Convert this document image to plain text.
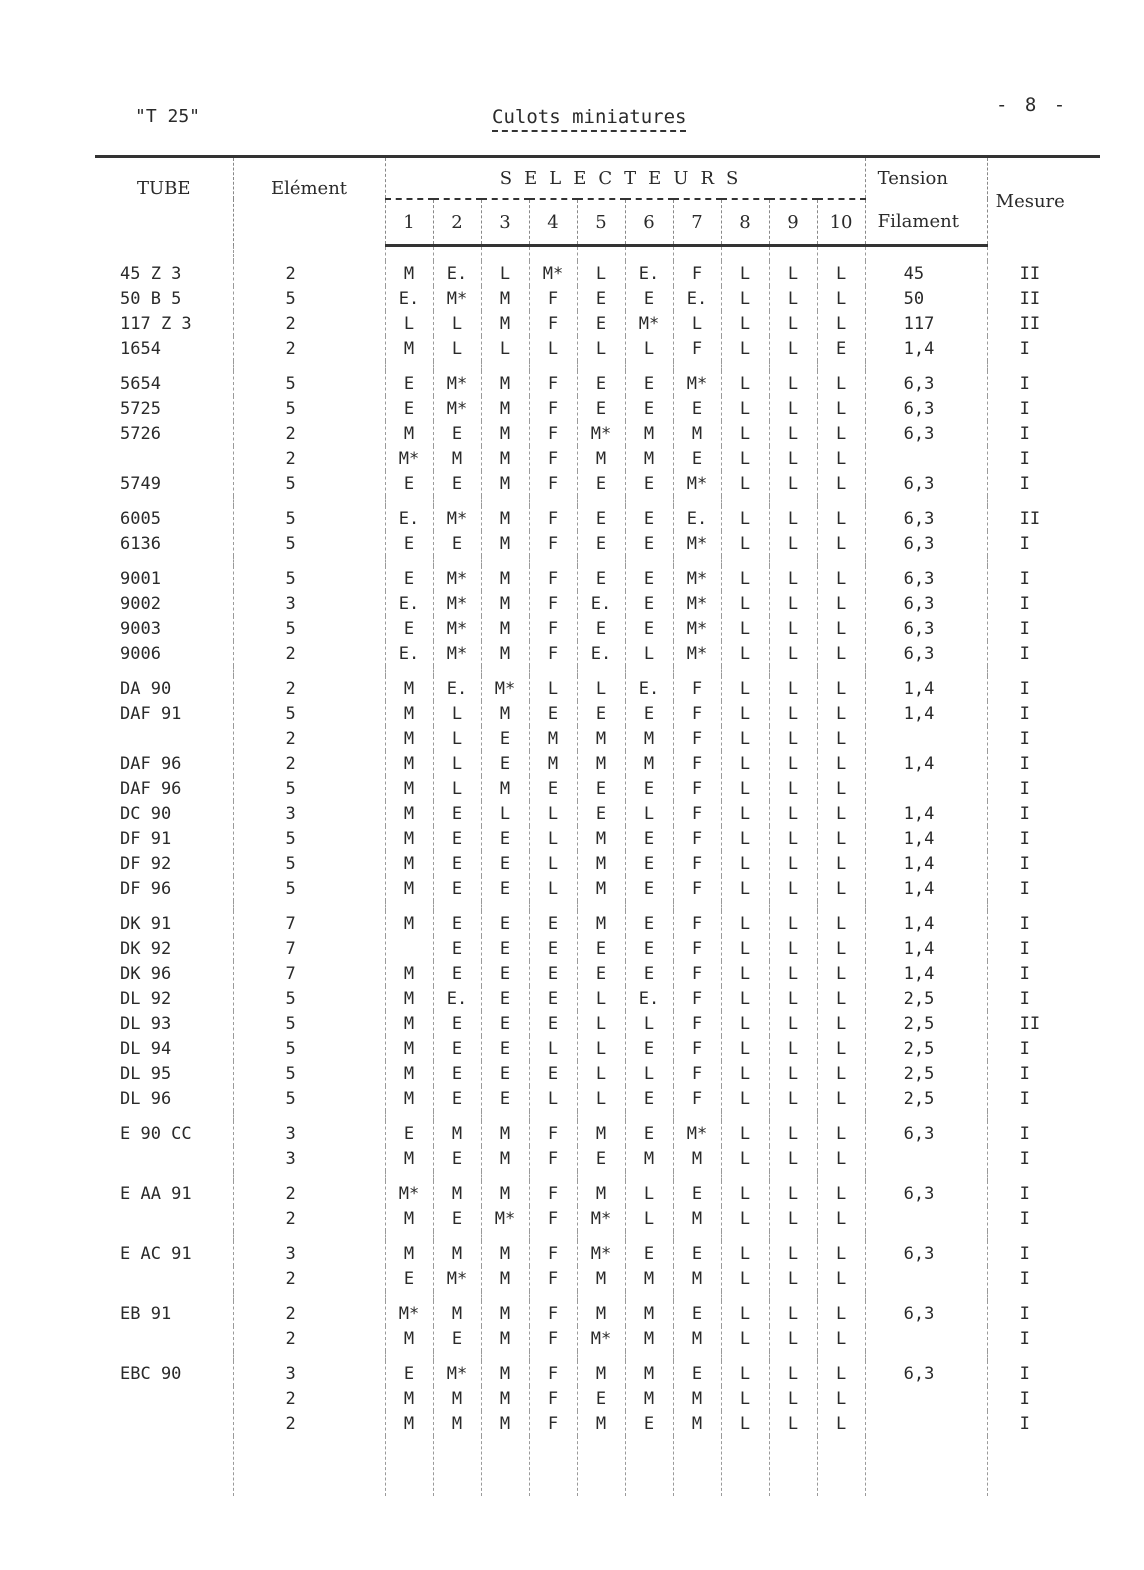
"T 25"	Culots miniatures
- 8 -
TUBE	Elément	SELECTEURS										Tension	Mesure
		1	2	3	4	5	6	7	8	9	10	Filament	

45 Z 3	2	M	E.	L	M*	L	E.	F	L	L	L	45	II
50 B 5	5	E.	M*	M	F	E	E	E.	L	L	L	50	II
117 Z 3	2	L	L	M	F	E	M*	L	L	L	L	117	II
1654	2	M	L	L	L	L	L	F	L	L	E	1,4	I

5654	5	E	M*	M	F	E	E	M*	L	L	L	6,3	I
5725	5	E	M*	M	F	E	E	E	L	L	L	6,3	I
5726	2	M	E	M	F	M*	M	M	L	L	L	6,3	I
	2	M*	M	M	F	M	M	E	L	L	L		I
5749	5	E	E	M	F	E	E	M*	L	L	L	6,3	I

6005	5	E.	M*	M	F	E	E	E.	L	L	L	6,3	II
6136	5	E	E	M	F	E	E	M*	L	L	L	6,3	I

9001	5	E	M*	M	F	E	E	M*	L	L	L	6,3	I
9002	3	E.	M*	M	F	E.	E	M*	L	L	L	6,3	I
9003	5	E	M*	M	F	E	E	M*	L	L	L	6,3	I
9006	2	E.	M*	M	F	E.	L	M*	L	L	L	6,3	I

DA 90	2	M	E.	M*	L	L	E.	F	L	L	L	1,4	I
DAF 91	5	M	L	M	E	E	E	F	L	L	L	1,4	I
	2	M	L	E	M	M	M	F	L	L	L		I
DAF 96	2	M	L	E	M	M	M	F	L	L	L	1,4	I
DAF 96	5	M	L	M	E	E	E	F	L	L	L		I
DC 90	3	M	E	L	L	E	L	F	L	L	L	1,4	I
DF 91	5	M	E	E	L	M	E	F	L	L	L	1,4	I
DF 92	5	M	E	E	L	M	E	F	L	L	L	1,4	I
DF 96	5	M	E	E	L	M	E	F	L	L	L	1,4	I

DK 91	7	M	E	E	E	M	E	F	L	L	L	1,4	I
DK 92	7		E	E	E	E	E	F	L	L	L	1,4	I
DK 96	7	M	E	E	E	E	E	F	L	L	L	1,4	I
DL 92	5	M	E.	E	E	L	E.	F	L	L	L	2,5	I
DL 93	5	M	E	E	E	L	L	F	L	L	L	2,5	II
DL 94	5	M	E	E	L	L	E	F	L	L	L	2,5	I
DL 95	5	M	E	E	E	L	L	F	L	L	L	2,5	I
DL 96	5	M	E	E	L	L	E	F	L	L	L	2,5	I

E 90 CC	3	E	M	M	F	M	E	M*	L	L	L	6,3	I
	3	M	E	M	F	E	M	M	L	L	L		I

E AA 91	2	M*	M	M	F	M	L	E	L	L	L	6,3	I
	2	M	E	M*	F	M*	L	M	L	L	L		I

E AC 91	3	M	M	M	F	M*	E	E	L	L	L	6,3	I
	2	E	M*	M	F	M	M	M	L	L	L		I

EB 91	2	M*	M	M	F	M	M	E	L	L	L	6,3	I
	2	M	E	M	F	M*	M	M	L	L	L		I

EBC 90	3	E	M*	M	F	M	M	E	L	L	L	6,3	I
	2	M	M	M	F	E	M	M	L	L	L		I
	2	M	M	M	F	M	E	M	L	L	L		I
